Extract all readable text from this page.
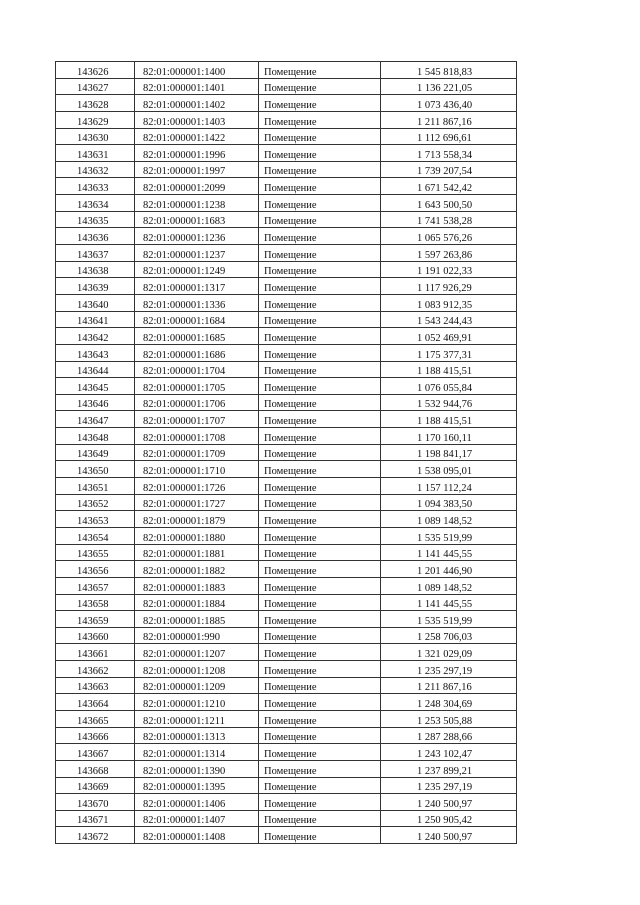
143626	82:01:000001:1400	Помещение	1 545 818,83
143627	82:01:000001:1401	Помещение	1 136 221,05
143628	82:01:000001:1402	Помещение	1 073 436,40
143629	82:01:000001:1403	Помещение	1 211 867,16
143630	82:01:000001:1422	Помещение	1 112 696,61
143631	82:01:000001:1996	Помещение	1 713 558,34
143632	82:01:000001:1997	Помещение	1 739 207,54
143633	82:01:000001:2099	Помещение	1 671 542,42
143634	82:01:000001:1238	Помещение	1 643 500,50
143635	82:01:000001:1683	Помещение	1 741 538,28
143636	82:01:000001:1236	Помещение	1 065 576,26
143637	82:01:000001:1237	Помещение	1 597 263,86
143638	82:01:000001:1249	Помещение	1 191 022,33
143639	82:01:000001:1317	Помещение	1 117 926,29
143640	82:01:000001:1336	Помещение	1 083 912,35
143641	82:01:000001:1684	Помещение	1 543 244,43
143642	82:01:000001:1685	Помещение	1 052 469,91
143643	82:01:000001:1686	Помещение	1 175 377,31
143644	82:01:000001:1704	Помещение	1 188 415,51
143645	82:01:000001:1705	Помещение	1 076 055,84
143646	82:01:000001:1706	Помещение	1 532 944,76
143647	82:01:000001:1707	Помещение	1 188 415,51
143648	82:01:000001:1708	Помещение	1 170 160,11
143649	82:01:000001:1709	Помещение	1 198 841,17
143650	82:01:000001:1710	Помещение	1 538 095,01
143651	82:01:000001:1726	Помещение	1 157 112,24
143652	82:01:000001:1727	Помещение	1 094 383,50
143653	82:01:000001:1879	Помещение	1 089 148,52
143654	82:01:000001:1880	Помещение	1 535 519,99
143655	82:01:000001:1881	Помещение	1 141 445,55
143656	82:01:000001:1882	Помещение	1 201 446,90
143657	82:01:000001:1883	Помещение	1 089 148,52
143658	82:01:000001:1884	Помещение	1 141 445,55
143659	82:01:000001:1885	Помещение	1 535 519,99
143660	82:01:000001:990	Помещение	1 258 706,03
143661	82:01:000001:1207	Помещение	1 321 029,09
143662	82:01:000001:1208	Помещение	1 235 297,19
143663	82:01:000001:1209	Помещение	1 211 867,16
143664	82:01:000001:1210	Помещение	1 248 304,69
143665	82:01:000001:1211	Помещение	1 253 505,88
143666	82:01:000001:1313	Помещение	1 287 288,66
143667	82:01:000001:1314	Помещение	1 243 102,47
143668	82:01:000001:1390	Помещение	1 237 899,21
143669	82:01:000001:1395	Помещение	1 235 297,19
143670	82:01:000001:1406	Помещение	1 240 500,97
143671	82:01:000001:1407	Помещение	1 250 905,42
143672	82:01:000001:1408	Помещение	1 240 500,97
